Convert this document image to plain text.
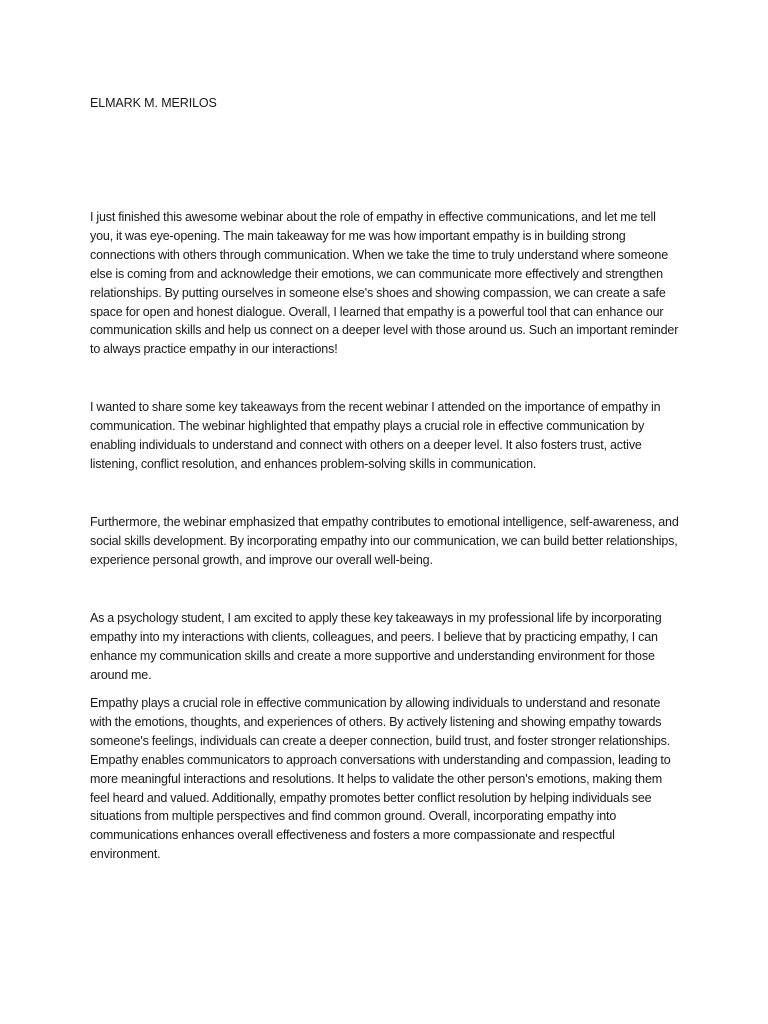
ELMARK M. MERILOS

I just finished this awesome webinar about the role of empathy in effective communications, and let me tell you, it was eye-opening. The main takeaway for me was how important empathy is in building strong connections with others through communication. When we take the time to truly understand where someone else is coming from and acknowledge their emotions, we can communicate more effectively and strengthen relationships. By putting ourselves in someone else's shoes and showing compassion, we can create a safe space for open and honest dialogue. Overall, I learned that empathy is a powerful tool that can enhance our communication skills and help us connect on a deeper level with those around us. Such an important reminder to always practice empathy in our interactions!

I wanted to share some key takeaways from the recent webinar I attended on the importance of empathy in communication. The webinar highlighted that empathy plays a crucial role in effective communication by enabling individuals to understand and connect with others on a deeper level. It also fosters trust, active listening, conflict resolution, and enhances problem-solving skills in communication.

Furthermore, the webinar emphasized that empathy contributes to emotional intelligence, self-awareness, and social skills development. By incorporating empathy into our communication, we can build better relationships, experience personal growth, and improve our overall well-being.

As a psychology student, I am excited to apply these key takeaways in my professional life by incorporating empathy into my interactions with clients, colleagues, and peers. I believe that by practicing empathy, I can enhance my communication skills and create a more supportive and understanding environment for those around me.

Empathy plays a crucial role in effective communication by allowing individuals to understand and resonate with the emotions, thoughts, and experiences of others. By actively listening and showing empathy towards someone's feelings, individuals can create a deeper connection, build trust, and foster stronger relationships. Empathy enables communicators to approach conversations with understanding and compassion, leading to more meaningful interactions and resolutions. It helps to validate the other person's emotions, making them feel heard and valued. Additionally, empathy promotes better conflict resolution by helping individuals see situations from multiple perspectives and find common ground. Overall, incorporating empathy into communications enhances overall effectiveness and fosters a more compassionate and respectful environment.
